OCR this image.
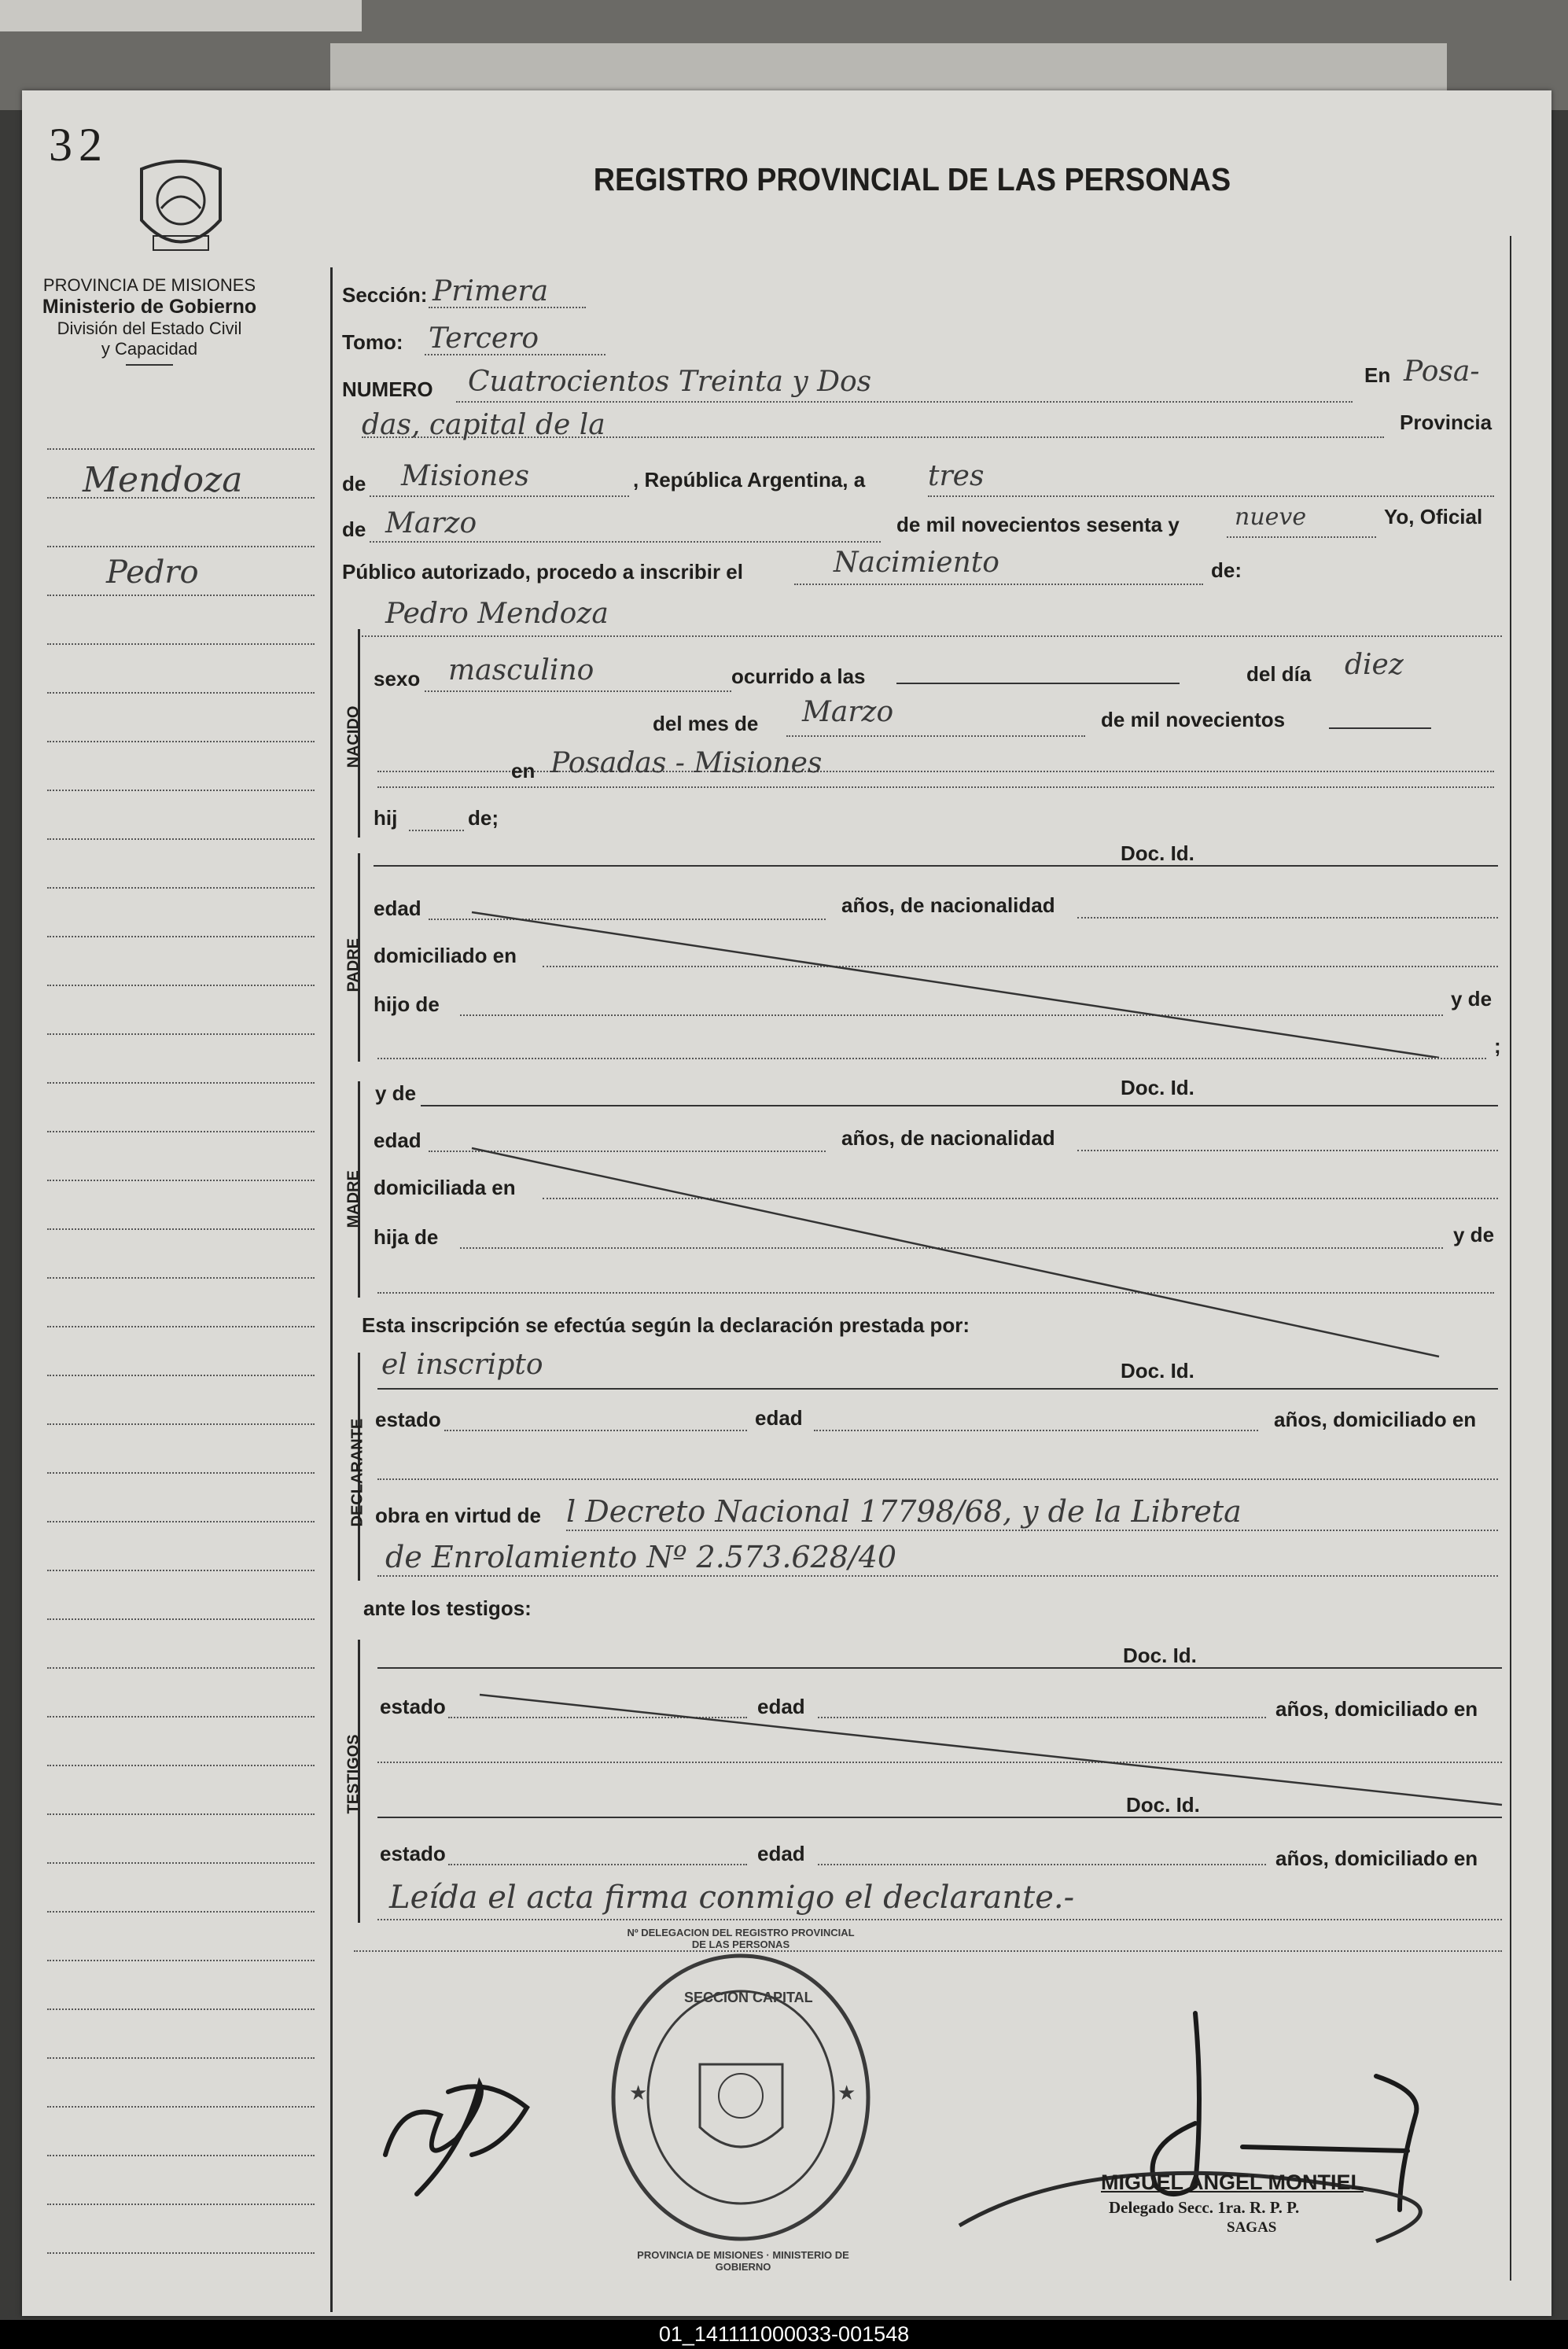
32
PROVINCIA DE MISIONES
Ministerio de Gobierno
División del Estado Civil
y Capacidad
REGISTRO PROVINCIAL DE LAS PERSONAS
Mendoza
Pedro
Sección: Primera
Tomo: Tercero
NUMERO Cuatrocientos Treinta y Dos	En Posa-
das, capital de la	Provincia
de Misiones	, República Argentina, a tres
de Marzo	de mil novecientos sesenta y nueve	Yo, Oficial
Público autorizado, procedo a inscribir el	Nacimiento	de:
Pedro Mendoza
NACIDO
sexo masculino	ocurrido a las	del día diez
del mes de Marzo	de mil novecientos
en Posadas - Misiones
hij	de;
PADRE
Doc. Id.
edad	años, de nacionalidad
domiciliado en
hijo de	y de
;
MADRE
y de	Doc. Id.
edad	años, de nacionalidad
domiciliada en
hija de	y de
Esta inscripción se efectúa según la declaración prestada por:
DECLARANTE
el inscripto	Doc. Id.
estado	edad	años, domiciliado en
obra en virtud de l Decreto Nacional 17798/68, y de la Libreta
de Enrolamiento Nº 2.573.628/40
ante los testigos:
TESTIGOS
Doc. Id.
estado	edad	años, domiciliado en
Doc. Id.
estado	edad	años, domiciliado en
Leída el acta firma conmigo el declarante.-
★	★
SECCION CAPITAL
Nº DELEGACION DEL REGISTRO PROVINCIAL DE LAS PERSONAS
PROVINCIA DE MISIONES · MINISTERIO DE GOBIERNO
MIGUEL ANGEL MONTIEL
Delegado Secc. 1ra. R. P. P.
SAGAS
01_141111000033-001548
